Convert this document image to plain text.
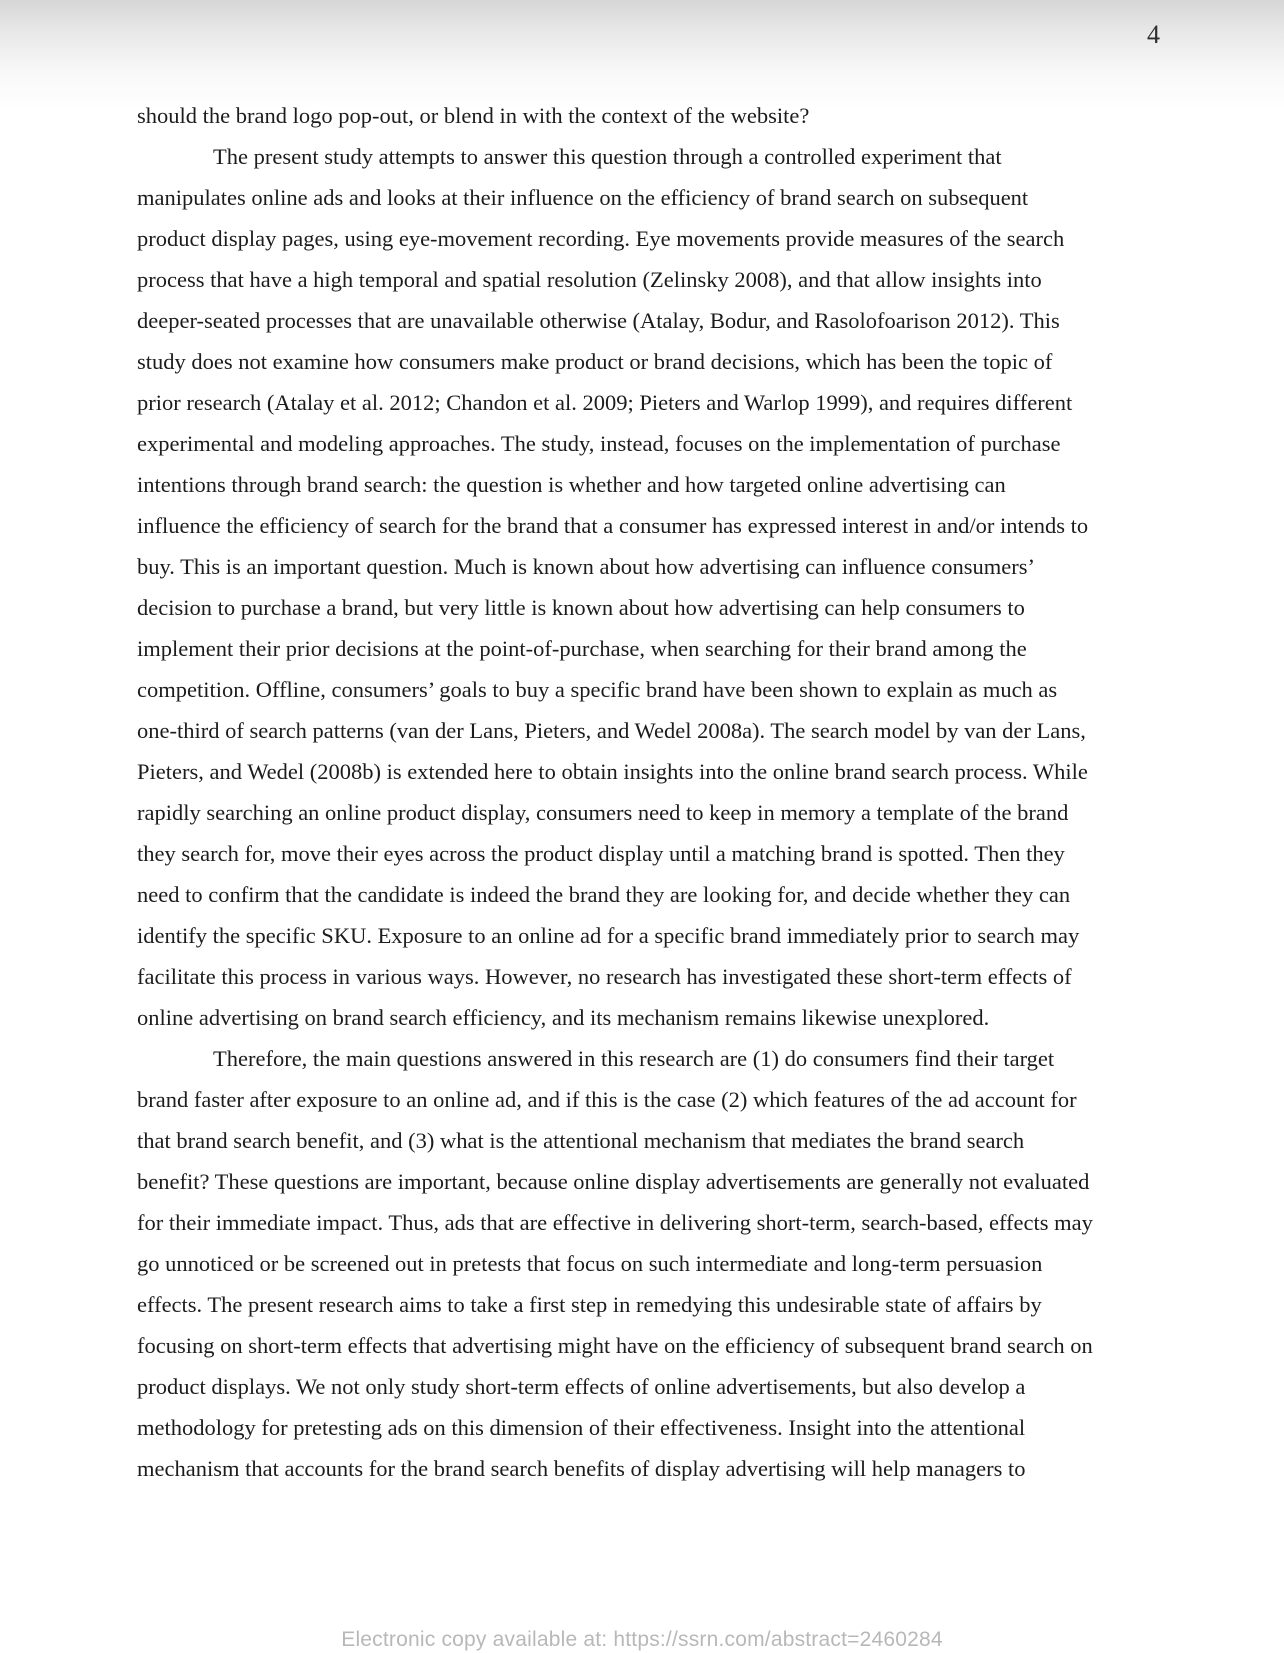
4
should the brand logo pop-out, or blend in with the context of the website?
The present study attempts to answer this question through a controlled experiment that
manipulates online ads and looks at their influence on the efficiency of brand search on subsequent
product display pages, using eye-movement recording. Eye movements provide measures of the search
process that have a high temporal and spatial resolution (Zelinsky 2008), and that allow insights into
deeper-seated processes that are unavailable otherwise (Atalay, Bodur, and Rasolofoarison 2012). This
study does not examine how consumers make product or brand decisions, which has been the topic of
prior research (Atalay et al. 2012; Chandon et al. 2009; Pieters and Warlop 1999), and requires different
experimental and modeling approaches. The study, instead, focuses on the implementation of purchase
intentions through brand search: the question is whether and how targeted online advertising can
influence the efficiency of search for the brand that a consumer has expressed interest in and/or intends to
buy. This is an important question. Much is known about how advertising can influence consumers’
decision to purchase a brand, but very little is known about how advertising can help consumers to
implement their prior decisions at the point-of-purchase, when searching for their brand among the
competition. Offline, consumers’ goals to buy a specific brand have been shown to explain as much as
one-third of search patterns (van der Lans, Pieters, and Wedel 2008a). The search model by van der Lans,
Pieters, and Wedel (2008b) is extended here to obtain insights into the online brand search process. While
rapidly searching an online product display, consumers need to keep in memory a template of the brand
they search for, move their eyes across the product display until a matching brand is spotted. Then they
need to confirm that the candidate is indeed the brand they are looking for, and decide whether they can
identify the specific SKU. Exposure to an online ad for a specific brand immediately prior to search may
facilitate this process in various ways. However, no research has investigated these short-term effects of
online advertising on brand search efficiency, and its mechanism remains likewise unexplored.
Therefore, the main questions answered in this research are (1) do consumers find their target
brand faster after exposure to an online ad, and if this is the case (2) which features of the ad account for
that brand search benefit, and (3) what is the attentional mechanism that mediates the brand search
benefit? These questions are important, because online display advertisements are generally not evaluated
for their immediate impact. Thus, ads that are effective in delivering short-term, search-based, effects may
go unnoticed or be screened out in pretests that focus on such intermediate and long-term persuasion
effects. The present research aims to take a first step in remedying this undesirable state of affairs by
focusing on short-term effects that advertising might have on the efficiency of subsequent brand search on
product displays. We not only study short-term effects of online advertisements, but also develop a
methodology for pretesting ads on this dimension of their effectiveness. Insight into the attentional
mechanism that accounts for the brand search benefits of display advertising will help managers to
Electronic copy available at: https://ssrn.com/abstract=2460284
